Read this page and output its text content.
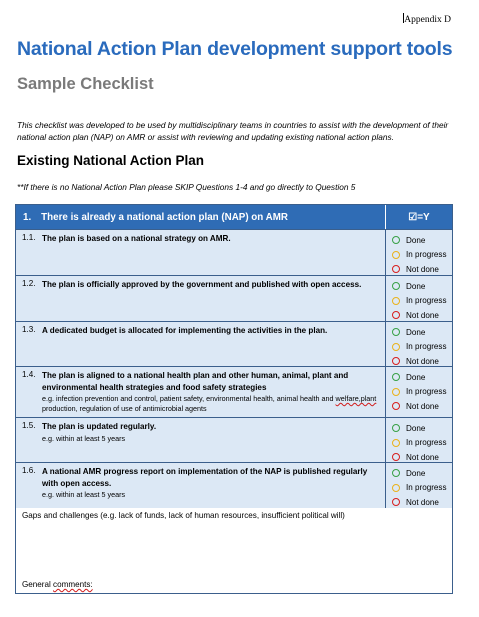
Appendix D
National Action Plan development support tools
Sample Checklist
This checklist was developed to be used by multidisciplinary teams in countries to assist with the development of their national action plan (NAP) on AMR or assist with reviewing and updating existing national action plans.
Existing National Action Plan
**If there is no National Action Plan please SKIP Questions 1-4 and go directly to Question 5
1. There is already a national action plan (NAP) on AMR	☑=Y
1.1. The plan is based on a national strategy on AMR.	Done
In progress
Not done
1.2. The plan is officially approved by the government and published with open access.	Done
In progress
Not done
1.3. A dedicated budget is allocated for implementing the activities in the plan.	Done
In progress
Not done
1.4. The plan is aligned to a national health plan and other human, animal, plant and environmental health strategies and food safety strategies
e.g. infection prevention and control, patient safety, environmental health, animal health and welfare,plant production, regulation of use of antimicrobial agents
Done
In progress
Not done
1.5. The plan is updated regularly.
e.g. within at least 5 years
Done
In progress
Not done
1.6. A national AMR progress report on implementation of the NAP is published regularly with open access.
e.g. within at least 5 years
Done
In progress
Not done
Gaps and challenges (e.g. lack of funds, lack of human resources, insufficient political will)
General comments:
